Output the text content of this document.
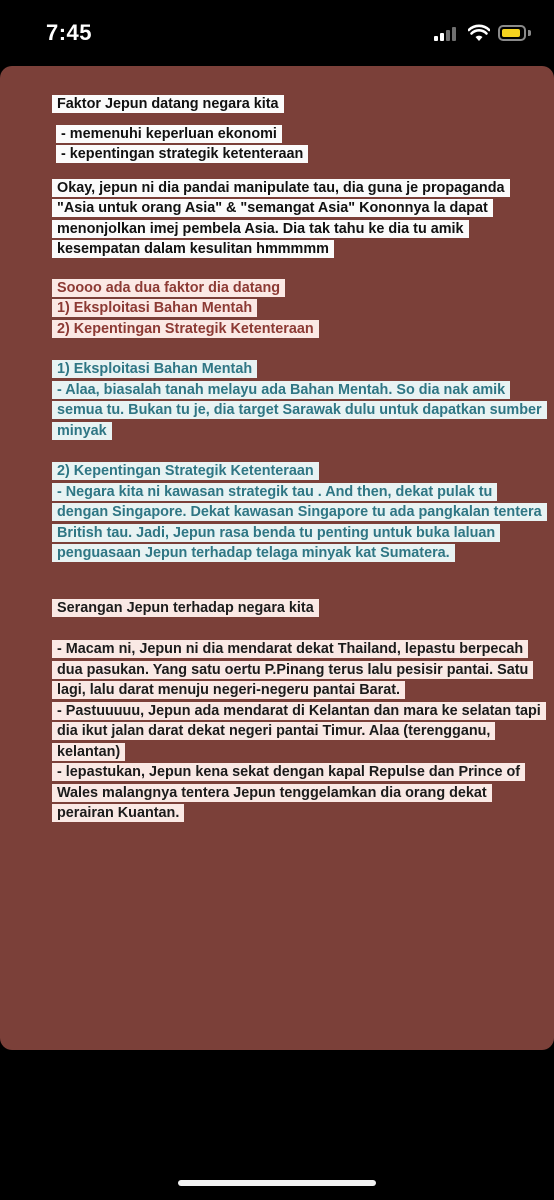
7:45
Faktor Jepun datang negara kita
- memenuhi keperluan ekonomi
- kepentingan strategik ketenteraan
Okay, jepun ni dia pandai manipulate tau, dia guna je propaganda "Asia untuk orang Asia" & "semangat Asia" Kononnya la dapat menonjolkan imej pembela Asia. Dia tak tahu ke dia tu amik kesempatan dalam kesulitan hmmmmm
Soooo ada dua faktor dia datang
1) Eksploitasi Bahan Mentah
2) Kepentingan Strategik Ketenteraan
1) Eksploitasi Bahan Mentah
- Alaa, biasalah tanah melayu ada Bahan Mentah. So dia nak amik semua tu. Bukan tu je, dia target Sarawak dulu untuk dapatkan sumber minyak
2) Kepentingan Strategik Ketenteraan
- Negara kita ni kawasan strategik tau . And then, dekat pulak tu dengan Singapore. Dekat kawasan Singapore tu ada pangkalan tentera British tau. Jadi, Jepun rasa benda tu penting untuk buka laluan penguasaan Jepun terhadap telaga minyak kat Sumatera.
Serangan Jepun terhadap negara kita
- Macam ni, Jepun ni dia mendarat dekat Thailand, lepastu berpecah dua pasukan. Yang satu oertu P.Pinang terus lalu pesisir pantai. Satu lagi, lalu darat menuju negeri-negeru pantai Barat.
- Pastuuuuu, Jepun ada mendarat di Kelantan dan mara ke selatan tapi dia ikut jalan darat dekat negeri pantai Timur. Alaa (terengganu, kelantan)
- lepastukan, Jepun kena sekat dengan kapal Repulse dan Prince of Wales malangnya tentera Jepun tenggelamkan dia orang dekat perairan Kuantan.
